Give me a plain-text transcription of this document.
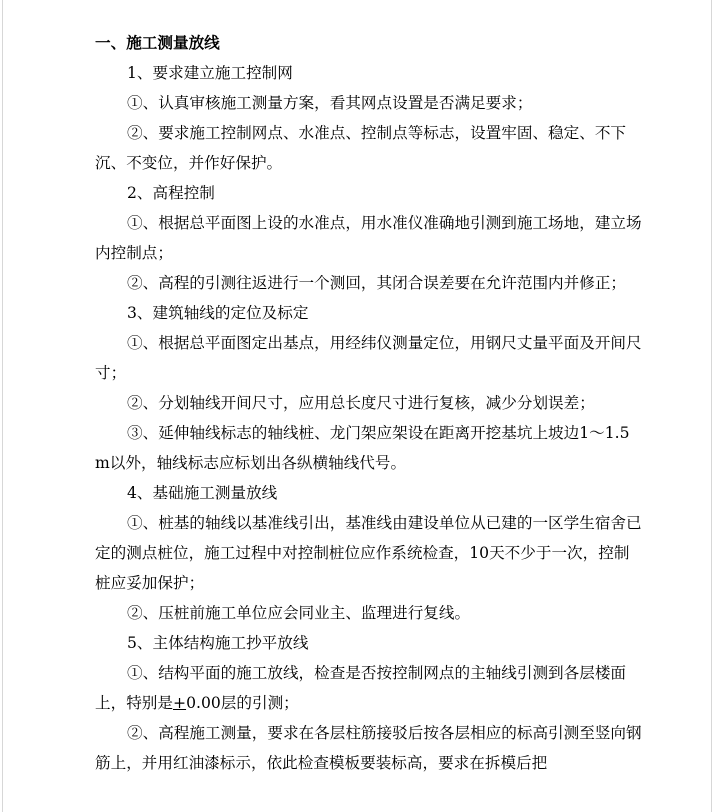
一、施工测量放线

1、要求建立施工控制网

①、认真审核施工测量方案，看其网点设置是否满足要求；

②、要求施工控制网点、水准点、控制点等标志，设置牢固、稳定、不下沉、不变位，并作好保护。

2、高程控制

①、根据总平面图上设的水准点，用水准仪准确地引测到施工场地，建立场内控制点；

②、高程的引测往返进行一个测回，其闭合误差要在允许范围内并修正；

3、建筑轴线的定位及标定

①、根据总平面图定出基点，用经纬仪测量定位，用钢尺丈量平面及开间尺寸；

②、分划轴线开间尺寸，应用总长度尺寸进行复核，减少分划误差；

③、延伸轴线标志的轴线桩、龙门架应架设在距离开挖基坑上坡边1～1.5m以外，轴线标志应标划出各纵横轴线代号。

4、基础施工测量放线

①、桩基的轴线以基准线引出，基准线由建设单位从已建的一区学生宿舍已定的测点桩位，施工过程中对控制桩位应作系统检查，10天不少于一次，控制桩应妥加保护；

②、压桩前施工单位应会同业主、监理进行复线。

5、主体结构施工抄平放线

①、结构平面的施工放线，检查是否按控制网点的主轴线引测到各层楼面上，特别是+0.00层的引测；

②、高程施工测量，要求在各层柱筋接驳后按各层相应的标高引测至竖向钢筋上，并用红油漆标示，依此检查模板要装标高，要求在拆模后把
